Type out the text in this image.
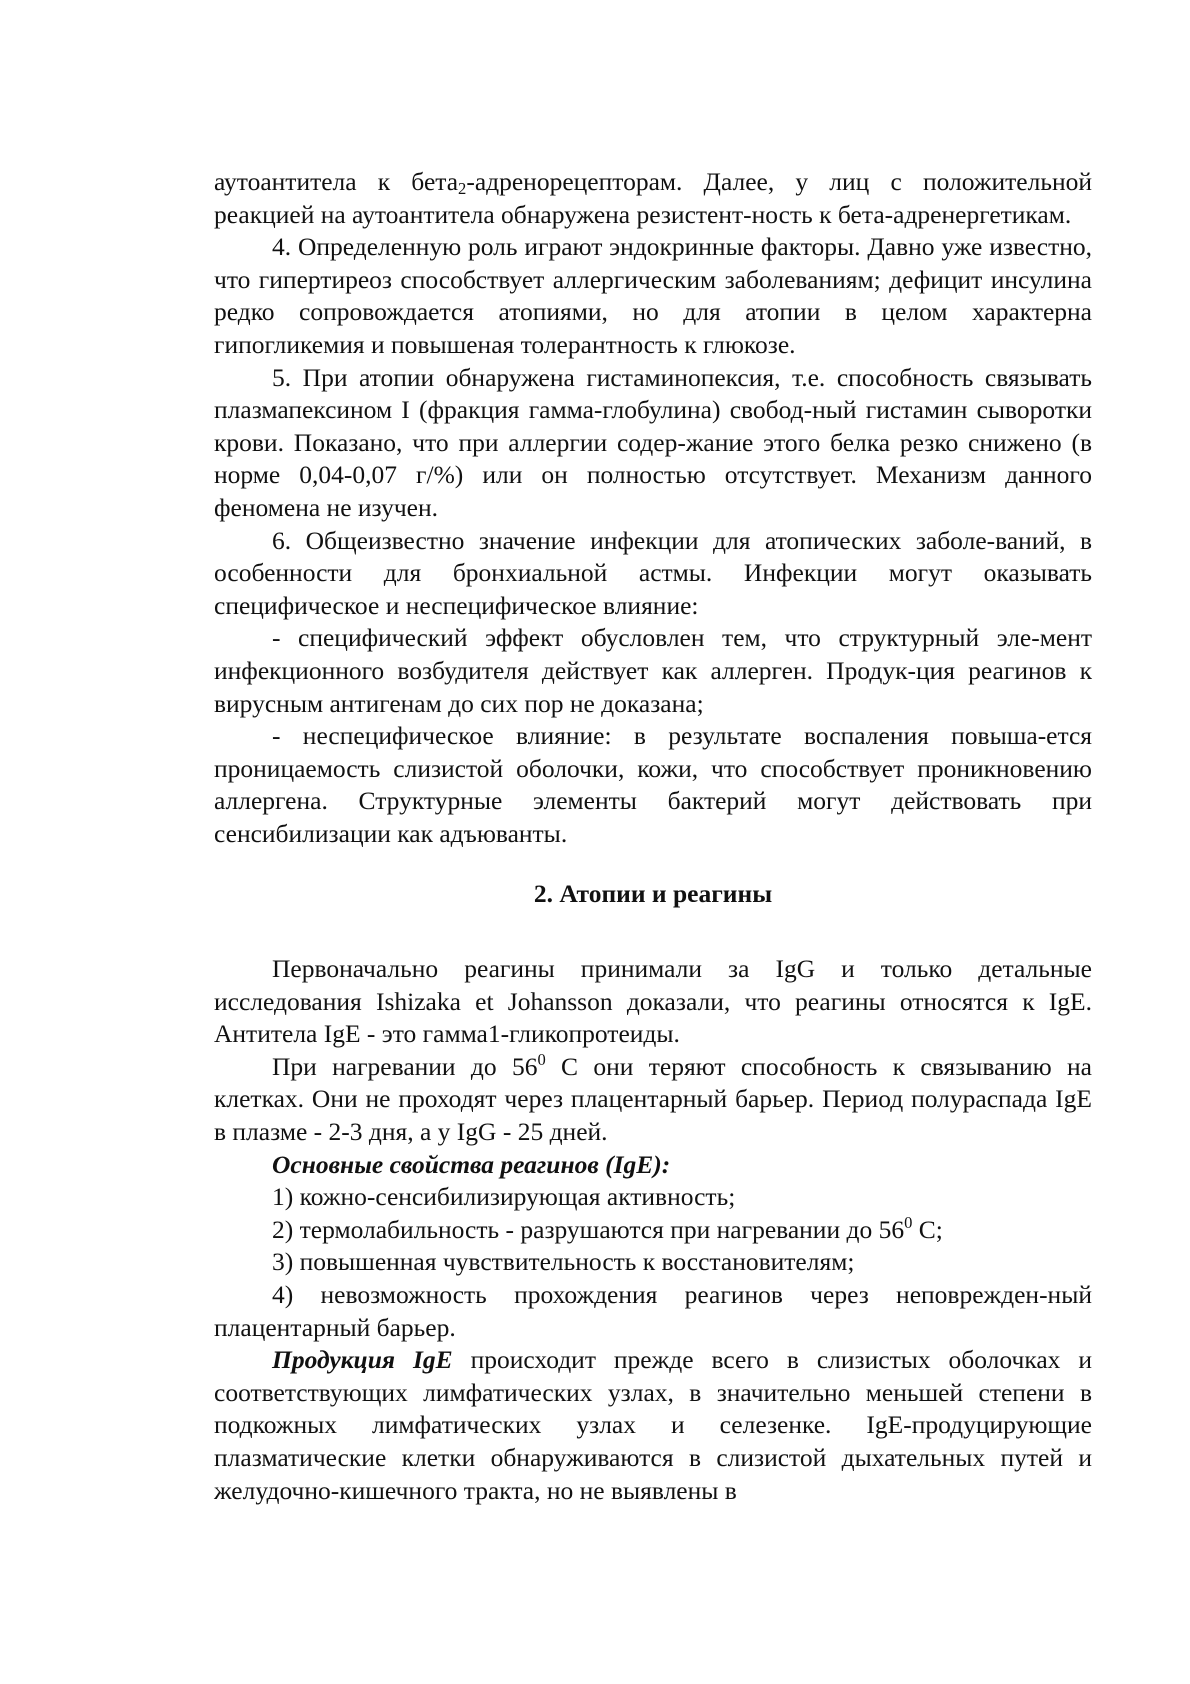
аутоантитела к бета$_2$-адренорецепторам. Далее, у лиц с положительной реакцией на аутоантитела обнаружена резистент-ность к бета-адренергетикам.

4. Определенную роль играют эндокринные факторы. Давно уже известно, что гипертиреоз способствует аллергическим заболеваниям; дефицит инсулина редко сопровождается атопиями, но для атопии в целом характерна гипогликемия и повышеная толерантность к глюкозе.

5. При атопии обнаружена гистаминопексия, т.е. способность связывать плазмапексином I (фракция гамма-глобулина) свобод-ный гистамин сыворотки крови. Показано, что при аллергии содер-жание этого белка резко снижено (в норме 0,04-0,07 г/%) или он полностью отсутствует. Механизм данного феномена не изучен.

6. Общеизвестно значение инфекции для атопических заболе-ваний, в особенности для бронхиальной астмы. Инфекции могут оказывать специфическое и неспецифическое влияние:

- специфический эффект обусловлен тем, что структурный эле-мент инфекционного возбудителя действует как аллерген. Продук-ция реагинов к вирусным антигенам до сих пор не доказана;

- неспецифическое влияние: в результате воспаления повыша-ется проницаемость слизистой оболочки, кожи, что способствует проникновению аллергена. Структурные элементы бактерий могут действовать при сенсибилизации как адъюванты.

2. Атопии и реагины

Первоначально реагины принимали за IgG и только детальные исследования Ishizaka et Johansson доказали, что реагины относятся к IgE. Антитела IgE - это гамма1-гликопротеиды.

При нагревании до $56^0$ С они теряют способность к связыванию на клетках. Они не проходят через плацентарный барьер. Период полураспада IgE в плазме - 2-3 дня, а у IgG - 25 дней.

Основные свойства реагинов (IgE):

1) кожно-сенсибилизирующая активность;

2) термолабильность - разрушаются при нагревании до $56^0$ С;

3) повышенная чувствительность к восстановителям;

4) невозможность прохождения реагинов через неповрежден-ный плацентарный барьер.

Продукция IgE происходит прежде всего в слизистых оболочках и соответствующих лимфатических узлах, в значительно меньшей степени в подкожных лимфатических узлах и селезенке. IgE-продуцирующие плазматические клетки обнаруживаются в слизистой дыхательных путей и желудочно-кишечного тракта, но не выявлены в
